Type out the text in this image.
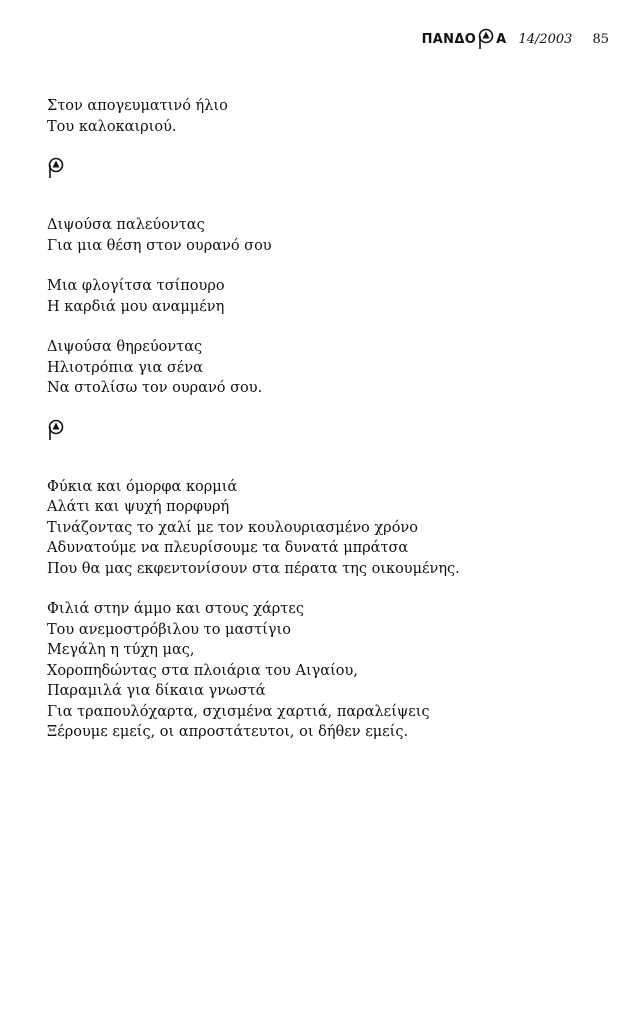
ΠΑΝΔΟ Α 14/2003 85
Στον απογευματινό ήλιο
Του καλοκαιριού.
Διψούσα παλεύοντας
Για μια θέση στον ουρανό σου
Μια φλογίτσα τσίπουρο
Η καρδιά μου αναμμένη
Διψούσα θηρεύοντας
Ηλιοτρόπια για σένα
Να στολίσω τον ουρανό σου.
Φύκια και όμορφα κορμιά
Αλάτι και ψυχή πορφυρή
Τινάζοντας το χαλί με τον κουλουριασμένο χρόνο
Αδυνατούμε να πλευρίσουμε τα δυνατά μπράτσα
Που θα μας εκφεντονίσουν στα πέρατα της οικουμένης.
Φιλιά στην άμμο και στους χάρτες
Του ανεμοστρόβιλου το μαστίγιο
Μεγάλη η τύχη μας,
Χοροπηδώντας στα πλοιάρια του Αιγαίου,
Παραμιλά για δίκαια γνωστά
Για τραπουλόχαρτα, σχισμένα χαρτιά, παραλείψεις
Ξέρουμε εμείς, οι απροστάτευτοι, οι δήθεν εμείς.
